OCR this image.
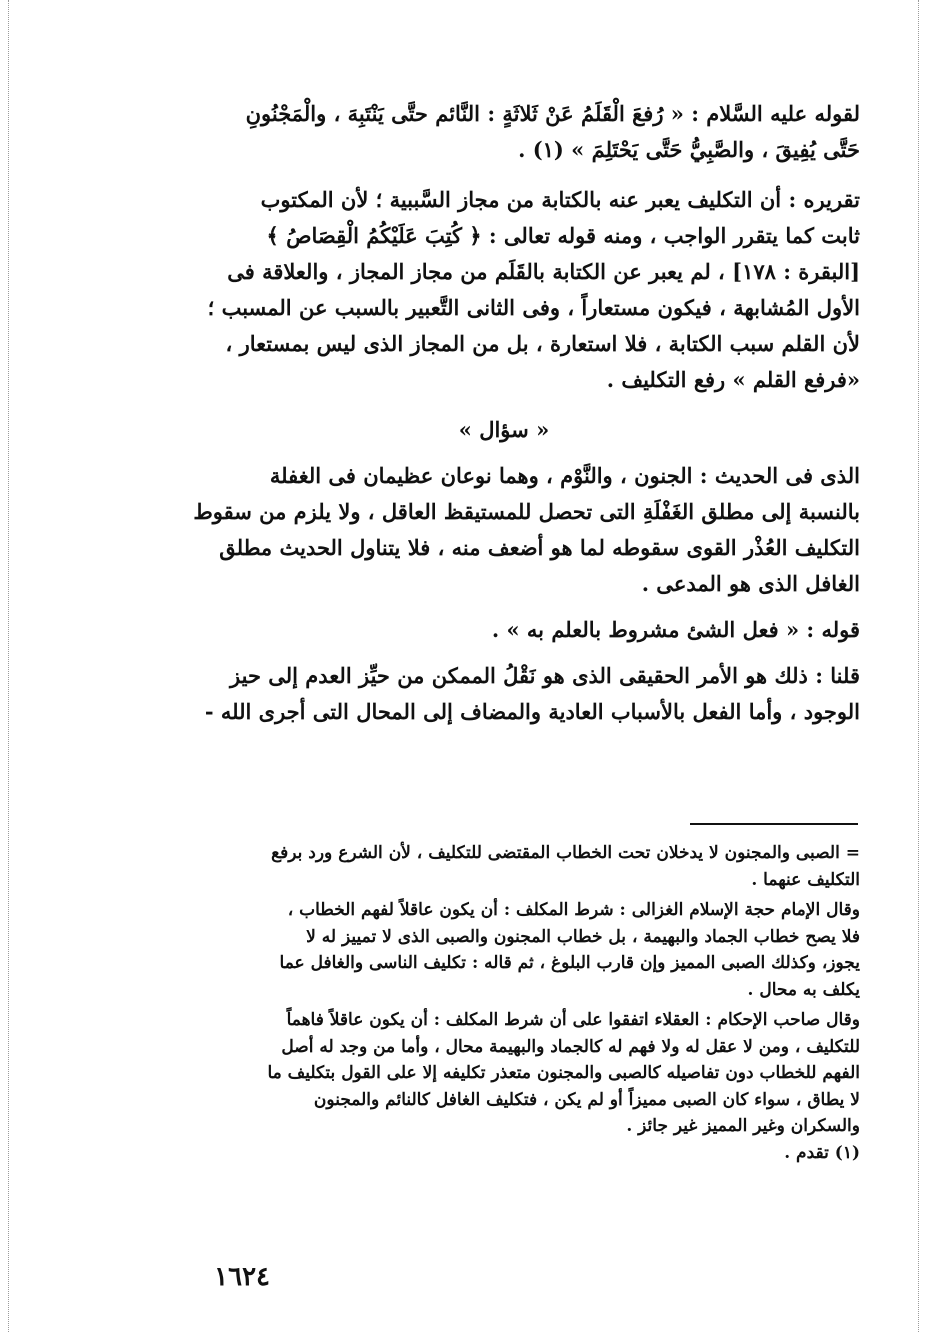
لقوله عليه السَّلام : « رُفعَ الْقَلَمُ عَنْ ثَلاثَةٍ : النَّائم حتَّى يَنْتَبِهَ ، والْمَجْنُونِ
حَتَّى يُفِيقَ ، والصَّبِيُّ حَتَّى يَحْتَلِمَ » (١) .

تقريره : أن التكليف يعبر عنه بالكتابة من مجاز السَّببية ؛ لأن المكتوب
ثابت كما يتقرر الواجب ، ومنه قوله تعالى : ﴿ كُتِبَ عَلَيْكُمُ الْقِصَاصُ ﴾
[البقرة : ١٧٨] ، لم يعبر عن الكتابة بالقَلَم من مجاز المجاز ، والعلاقة فى
الأول المُشابهة ، فيكون مستعاراً ، وفى الثانى التَّعبير بالسبب عن المسبب ؛
لأن القلم سبب الكتابة ، فلا استعارة ، بل من المجاز الذى ليس بمستعار ،
«فرفع القلم » رفع التكليف .

« سؤال »

الذى فى الحديث : الجنون ، والنَّوْم ، وهما نوعان عظيمان فى الغفلة
بالنسبة إلى مطلق الغَفْلَةِ التى تحصل للمستيقظ العاقل ، ولا يلزم من سقوط
التكليف العُذْر القوى سقوطه لما هو أضعف منه ، فلا يتناول الحديث مطلق
الغافل الذى هو المدعى .

قوله : « فعل الشئ مشروط بالعلم به » .

قلنا : ذلك هو الأمر الحقيقى الذى هو نَقْلُ الممكن من حيِّز العدم إلى حيز
الوجود ، وأما الفعل بالأسباب العادية والمضاف إلى المحال التى أجرى الله -

= الصبى والمجنون لا يدخلان تحت الخطاب المقتضى للتكليف ، لأن الشرع ورد برفع
التكليف عنهما .
وقال الإمام حجة الإسلام الغزالى : شرط المكلف : أن يكون عاقلاً لفهم الخطاب ،
فلا يصح خطاب الجماد والبهيمة ، بل خطاب المجنون والصبى الذى لا تمييز له لا
يجوز، وكذلك الصبى المميز وإن قارب البلوغ ، ثم قاله : تكليف الناسى والغافل عما
يكلف به محال .
وقال صاحب الإحكام : العقلاء اتفقوا على أن شرط المكلف : أن يكون عاقلاً فاهماً
للتكليف ، ومن لا عقل له ولا فهم له كالجماد والبهيمة محال ، وأما من وجد له أصل
الفهم للخطاب دون تفاصيله كالصبى والمجنون متعذر تكليفه إلا على القول بتكليف ما
لا يطاق ، سواء كان الصبى مميزاً أو لم يكن ، فتكليف الغافل كالنائم والمجنون
والسكران وغير المميز غير جائز .
(١) تقدم .
١٦٢٤
